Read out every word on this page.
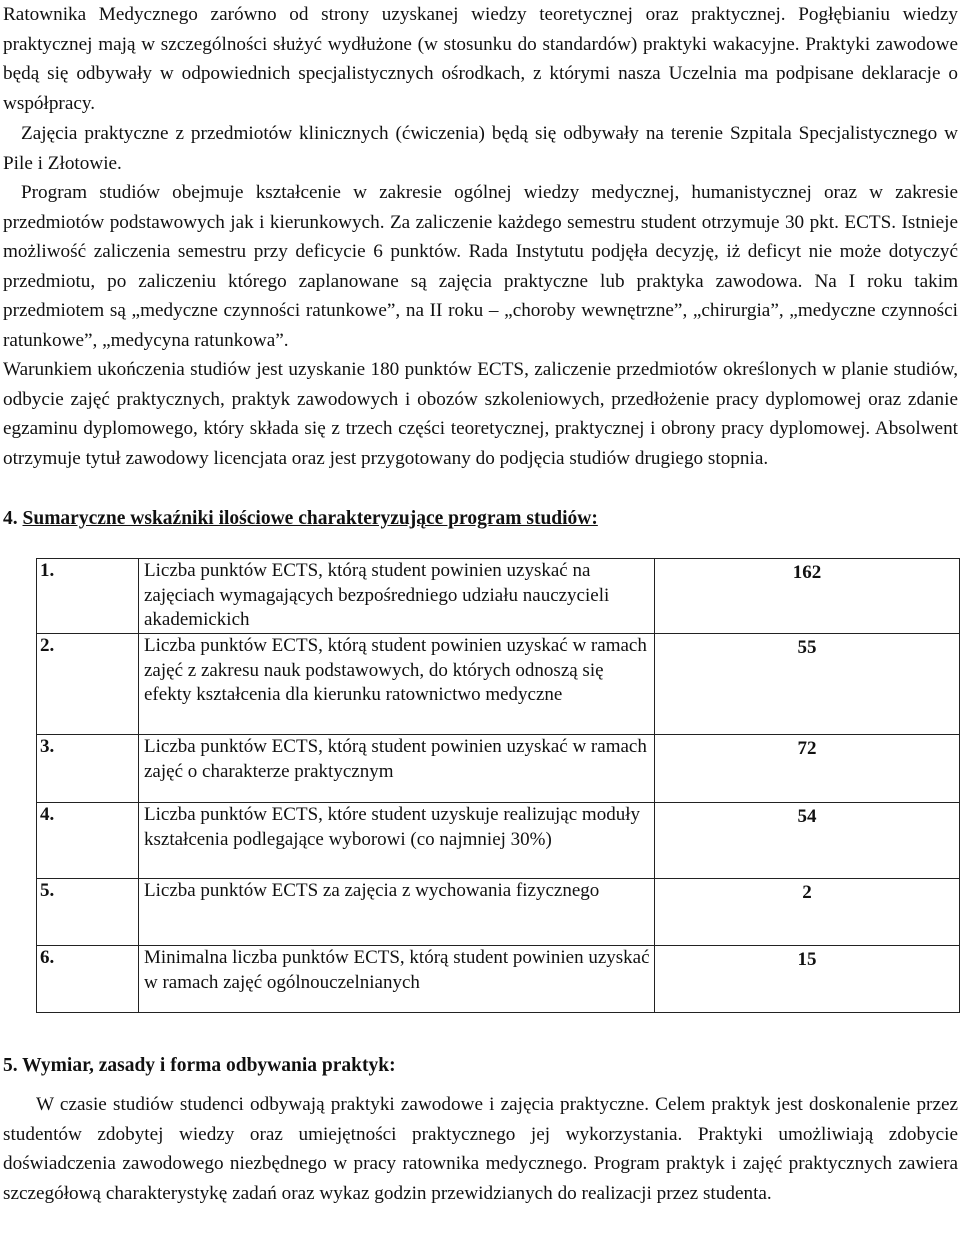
Ratownika Medycznego zarówno od strony uzyskanej wiedzy teoretycznej oraz praktycznej. Pogłębianiu wiedzy praktycznej mają w szczególności służyć wydłużone (w stosunku do standardów) praktyki wakacyjne. Praktyki zawodowe będą się odbywały w odpowiednich specjalistycznych ośrodkach, z którymi nasza Uczelnia ma podpisane deklaracje o współpracy.

Zajęcia praktyczne z przedmiotów klinicznych (ćwiczenia) będą się odbywały na terenie Szpitala Specjalistycznego w Pile i Złotowie.

Program studiów obejmuje kształcenie w zakresie ogólnej wiedzy medycznej, humanistycznej oraz w zakresie przedmiotów podstawowych jak i kierunkowych. Za zaliczenie każdego semestru student otrzymuje 30 pkt. ECTS. Istnieje możliwość zaliczenia semestru przy deficycie 6 punktów. Rada Instytutu podjęła decyzję, iż deficyt nie może dotyczyć przedmiotu, po zaliczeniu którego zaplanowane są zajęcia praktyczne lub praktyka zawodowa. Na I roku takim przedmiotem są „medyczne czynności ratunkowe”, na II roku – „choroby wewnętrzne”, „chirurgia”, „medyczne czynności ratunkowe”, „medycyna ratunkowa”.

Warunkiem ukończenia studiów jest uzyskanie 180 punktów ECTS, zaliczenie przedmiotów określonych w planie studiów, odbycie zajęć praktycznych, praktyk zawodowych i obozów szkoleniowych, przedłożenie pracy dyplomowej oraz zdanie egzaminu dyplomowego, który składa się z trzech części teoretycznej, praktycznej i obrony pracy dyplomowej. Absolwent otrzymuje tytuł zawodowy licencjata oraz jest przygotowany do podjęcia studiów drugiego stopnia.

4. Sumaryczne wskaźniki ilościowe charakteryzujące program studiów:
1.	Liczba punktów ECTS, którą student powinien uzyskać na zajęciach wymagających bezpośredniego udziału nauczycieli akademickich	162
2.	Liczba punktów ECTS, którą student powinien uzyskać w ramach zajęć z zakresu nauk podstawowych, do których odnoszą się efekty kształcenia dla kierunku ratownictwo medyczne	55
3.	Liczba punktów ECTS, którą student powinien uzyskać w ramach zajęć o charakterze praktycznym	72
4.	Liczba punktów ECTS, które student uzyskuje realizując moduły kształcenia podlegające wyborowi (co najmniej 30%)	54
5.	Liczba punktów ECTS za zajęcia z wychowania fizycznego	2
6.	Minimalna liczba punktów ECTS, którą student powinien uzyskać w ramach zajęć ogólnouczelnianych	15
5. Wymiar, zasady i forma odbywania praktyk:

W czasie studiów studenci odbywają praktyki zawodowe i zajęcia praktyczne. Celem praktyk jest doskonalenie przez studentów zdobytej wiedzy oraz umiejętności praktycznego jej wykorzystania. Praktyki umożliwiają zdobycie doświadczenia zawodowego niezbędnego w pracy ratownika medycznego. Program praktyk i zajęć praktycznych zawiera szczegółową charakterystykę zadań oraz wykaz godzin przewidzianych do realizacji przez studenta.
